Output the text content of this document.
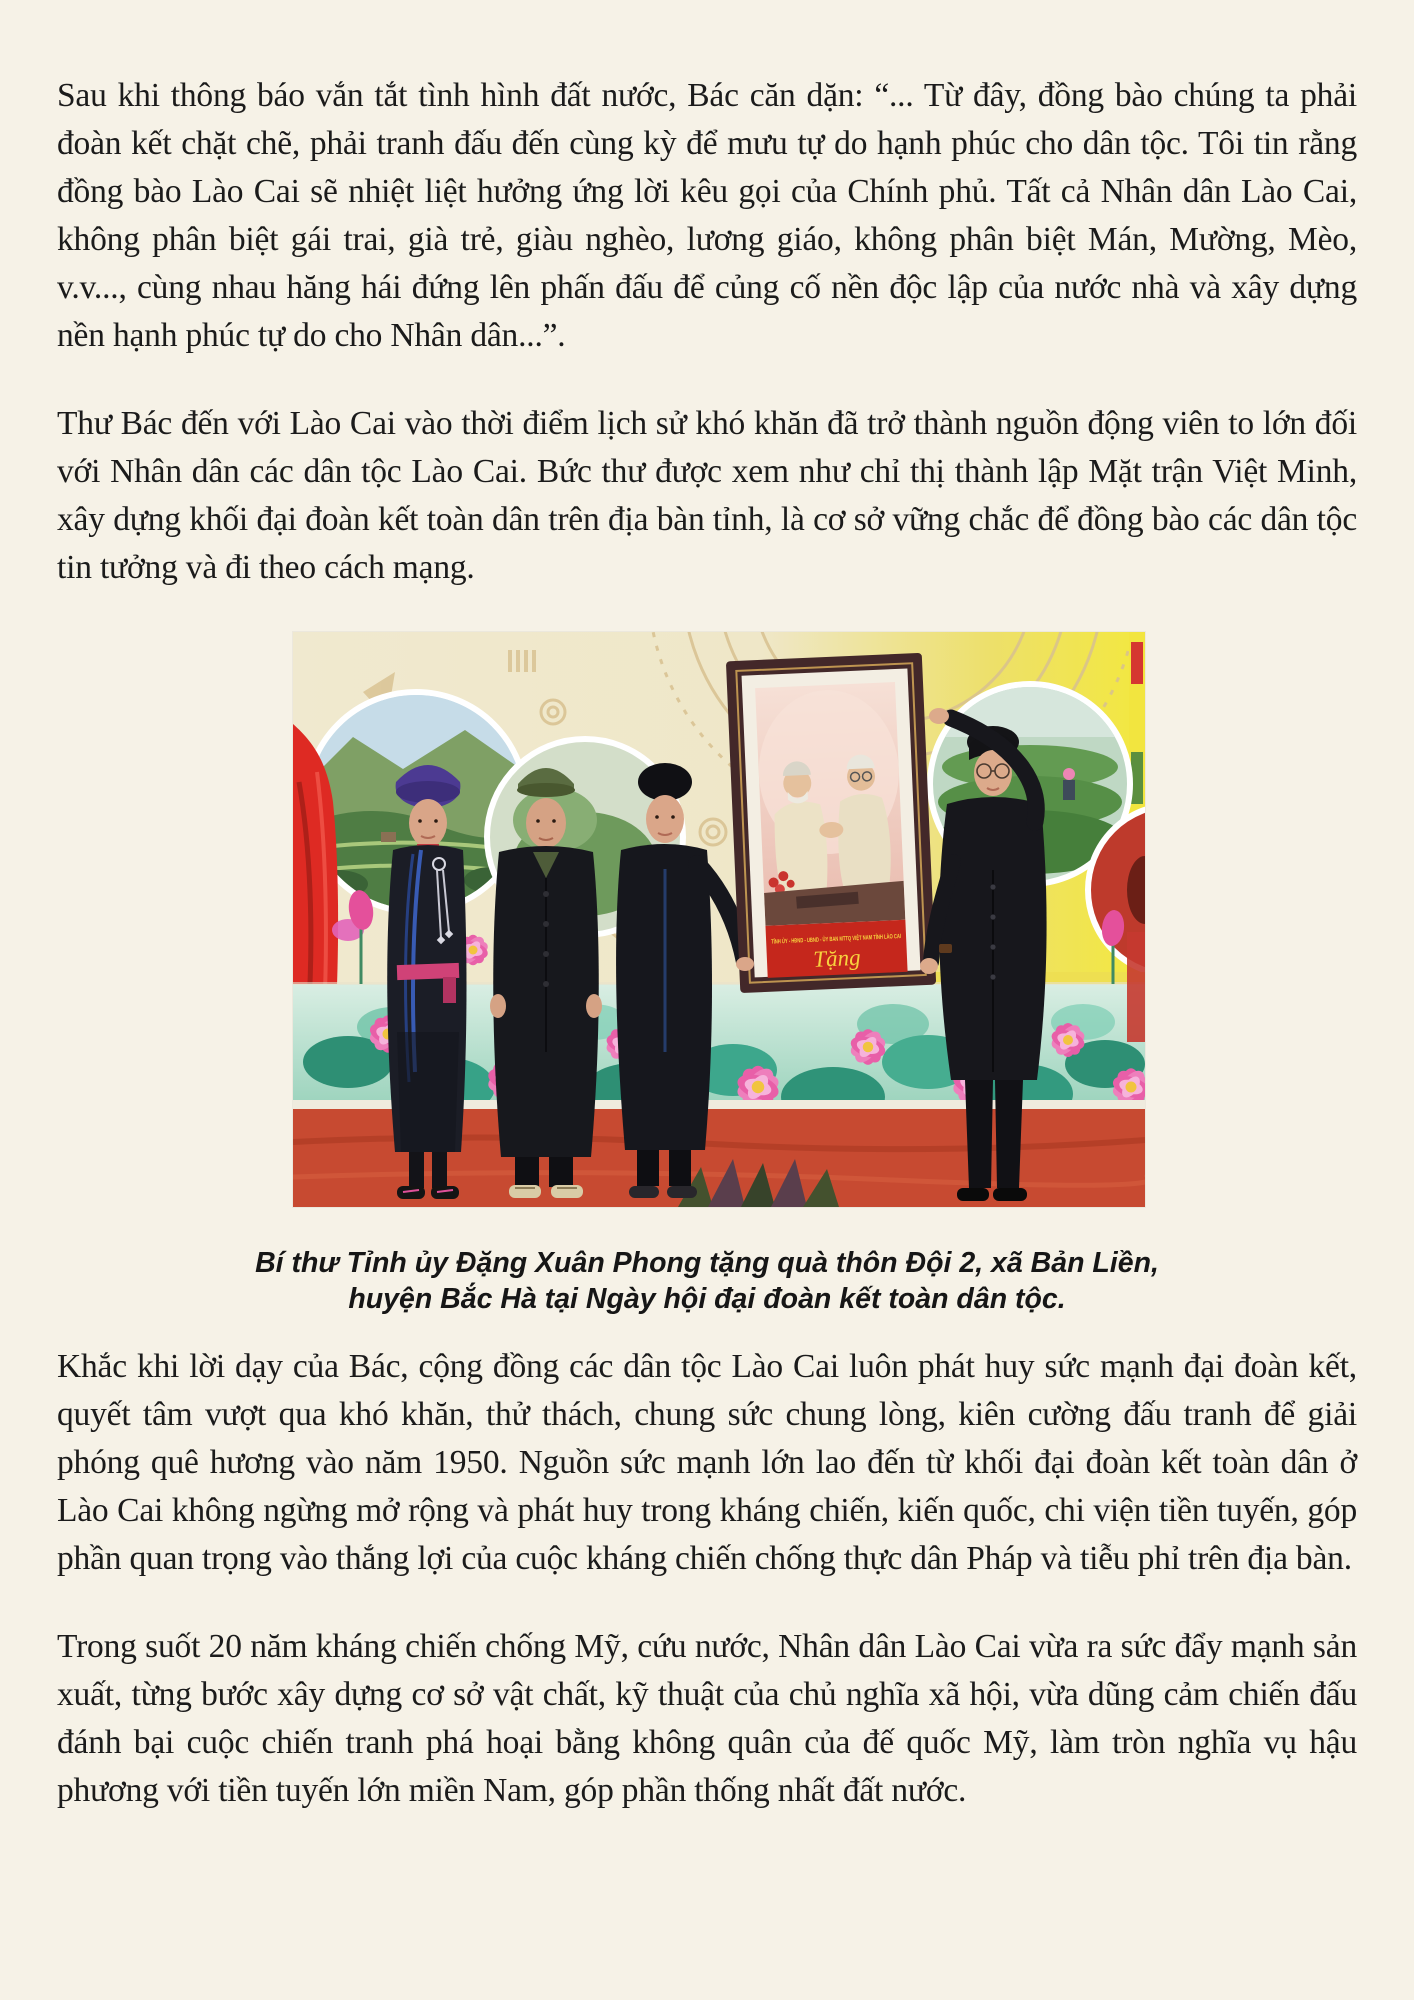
Sau khi thông báo vắn tắt tình hình đất nước, Bác căn dặn: “... Từ đây, đồng bào chúng ta phải đoàn kết chặt chẽ, phải tranh đấu đến cùng kỳ để mưu tự do hạnh phúc cho dân tộc. Tôi tin rằng đồng bào Lào Cai sẽ nhiệt liệt hưởng ứng lời kêu gọi của Chính phủ. Tất cả Nhân dân Lào Cai, không phân biệt gái trai, già trẻ, giàu nghèo, lương giáo, không phân biệt Mán, Mường, Mèo, v.v..., cùng nhau hăng hái đứng lên phấn đấu để củng cố nền độc lập của nước nhà và xây dựng nền hạnh phúc tự do cho Nhân dân...”.

Thư Bác đến với Lào Cai vào thời điểm lịch sử khó khăn đã trở thành nguồn động viên to lớn đối với Nhân dân các dân tộc Lào Cai. Bức thư được xem như chỉ thị thành lập Mặt trận Việt Minh, xây dựng khối đại đoàn kết toàn dân trên địa bàn tỉnh, là cơ sở vững chắc để đồng bào các dân tộc tin tưởng và đi theo cách mạng.

TỈNH ỦY - HĐND - UBND - ỦY BAN MTTQ VIỆT NAM TỈNH LÀO CAI
Tặng
Bí thư Tỉnh ủy Đặng Xuân Phong tặng quà thôn Đội 2, xã Bản Liền,
huyện Bắc Hà tại Ngày hội đại đoàn kết toàn dân tộc.

Khắc khi lời dạy của Bác, cộng đồng các dân tộc Lào Cai luôn phát huy sức mạnh đại đoàn kết, quyết tâm vượt qua khó khăn, thử thách, chung sức chung lòng, kiên cường đấu tranh để giải phóng quê hương vào năm 1950. Nguồn sức mạnh lớn lao đến từ khối đại đoàn kết toàn dân ở Lào Cai không ngừng mở rộng và phát huy trong kháng chiến, kiến quốc, chi viện tiền tuyến, góp phần quan trọng vào thắng lợi của cuộc kháng chiến chống thực dân Pháp và tiễu phỉ trên địa bàn.

Trong suốt 20 năm kháng chiến chống Mỹ, cứu nước, Nhân dân Lào Cai vừa ra sức đẩy mạnh sản xuất, từng bước xây dựng cơ sở vật chất, kỹ thuật của chủ nghĩa xã hội, vừa dũng cảm chiến đấu đánh bại cuộc chiến tranh phá hoại bằng không quân của đế quốc Mỹ, làm tròn nghĩa vụ hậu phương với tiền tuyến lớn miền Nam, góp phần thống nhất đất nước.
